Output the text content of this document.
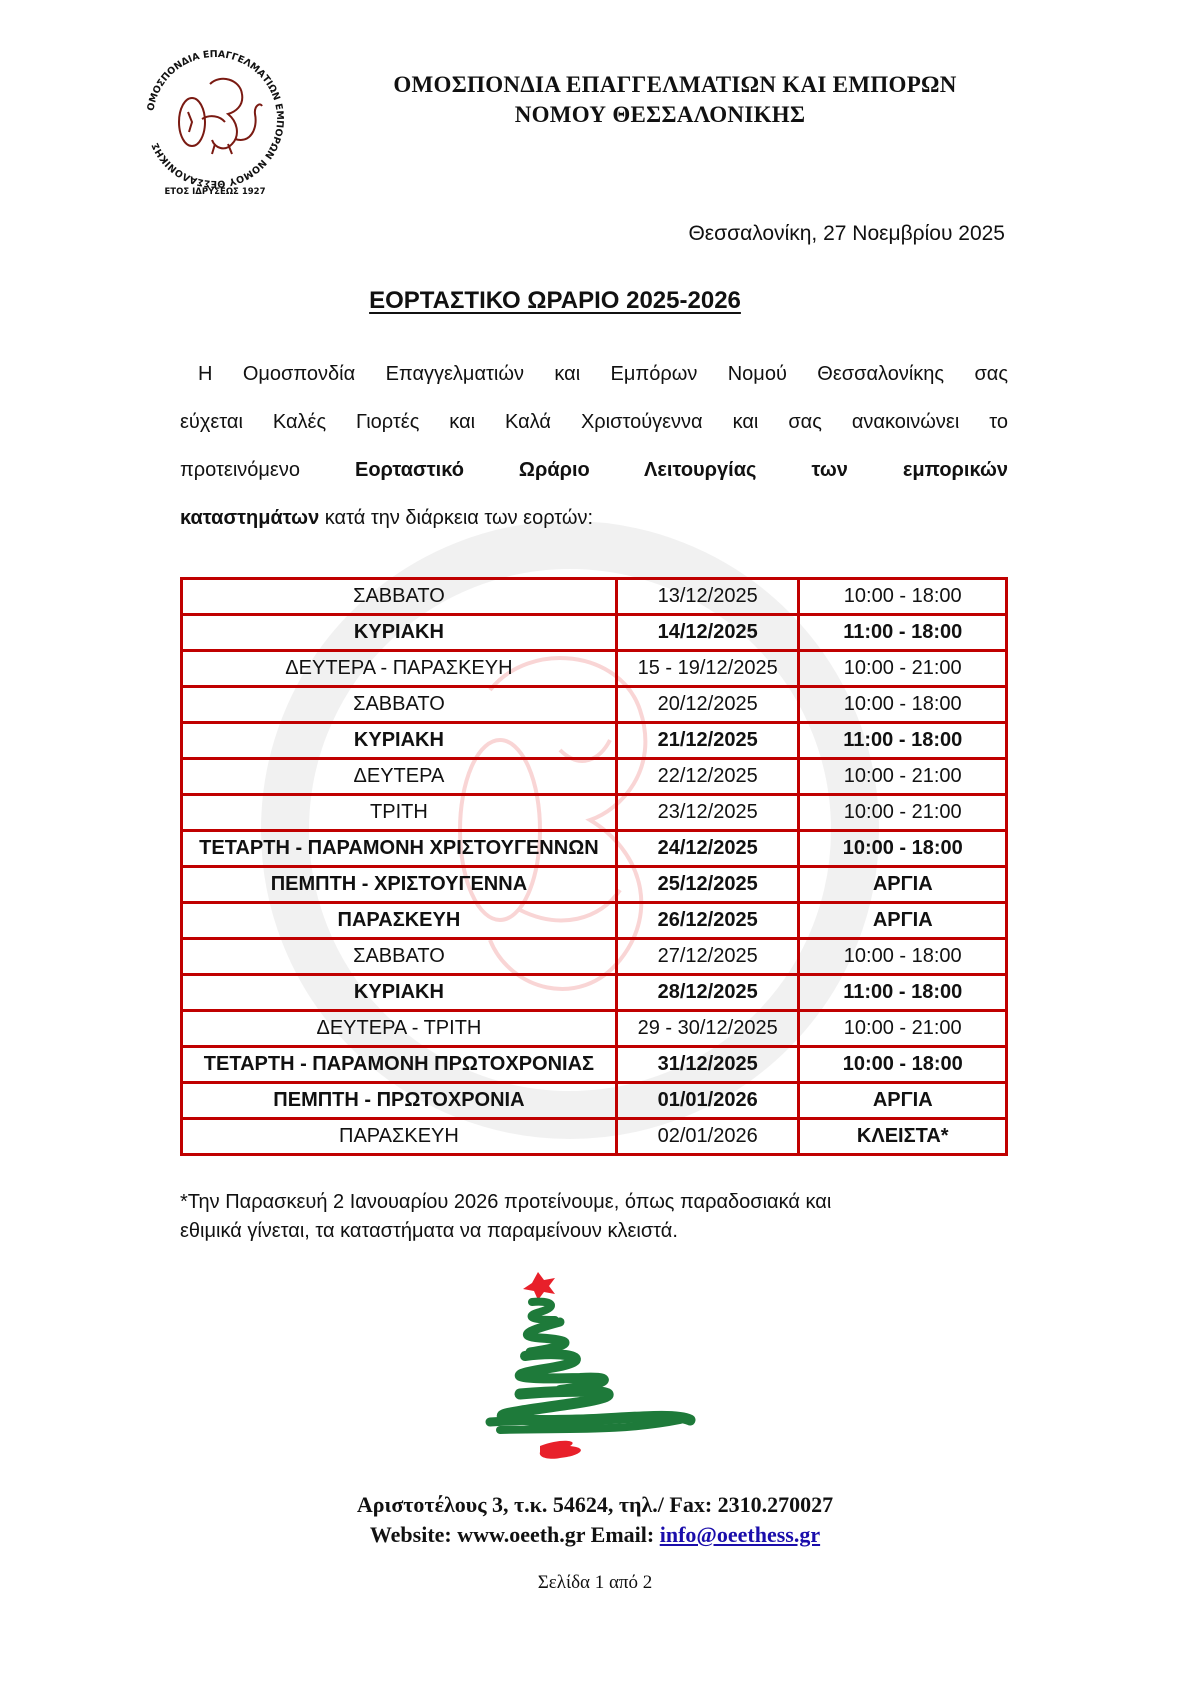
ΟΜΟΣΠΟΝΔΙΑ ΕΠΑΓΓΕΛΜΑΤΙΩΝ ΕΜΠΟΡΩΝ ΝΟΜΟΥ ΘΕΣΣΑΛΟΝΙΚΗΣ
ΕΤΟΣ ΙΔΡΥΣΕΩΣ 1927
ΟΜΟΣΠΟΝΔΙΑ ΕΠΑΓΓΕΛΜΑΤΙΩΝ ΚΑΙ ΕΜΠΟΡΩΝ
ΝΟΜΟΥ ΘΕΣΣΑΛΟΝΙΚΗΣ
Θεσσαλονίκη, 27 Νοεμβρίου 2025
ΕΟΡΤΑΣΤΙΚΟ ΩΡΑΡΙΟ 2025-2026
Η Ομοσπονδία Επαγγελματιών και Εμπόρων Νομού Θεσσαλονίκης σας
εύχεται Καλές Γιορτές και Καλά Χριστούγεννα και σας ανακοινώνει το
προτεινόμενο	Εορταστικό Ωράριο Λειτουργίας των εμπορικών
καταστημάτων κατά την διάρκεια των εορτών:
ΣΑΒΒΑΤΟ	13/12/2025	10:00 - 18:00
ΚΥΡΙΑΚΗ	14/12/2025	11:00 - 18:00
ΔΕΥΤΕΡΑ - ΠΑΡΑΣΚΕΥΗ	15 - 19/12/2025	10:00 - 21:00
ΣΑΒΒΑΤΟ	20/12/2025	10:00 - 18:00
ΚΥΡΙΑΚΗ	21/12/2025	11:00 - 18:00
ΔΕΥΤΕΡΑ	22/12/2025	10:00 - 21:00
ΤΡΙΤΗ	23/12/2025	10:00 - 21:00
ΤΕΤΑΡΤΗ - ΠΑΡΑΜΟΝΗ ΧΡΙΣΤΟΥΓΕΝΝΩΝ	24/12/2025	10:00 - 18:00
ΠΕΜΠΤΗ - ΧΡΙΣΤΟΥΓΕΝΝΑ	25/12/2025	ΑΡΓΙΑ
ΠΑΡΑΣΚΕΥΗ	26/12/2025	ΑΡΓΙΑ
ΣΑΒΒΑΤΟ	27/12/2025	10:00 - 18:00
ΚΥΡΙΑΚΗ	28/12/2025	11:00 - 18:00
ΔΕΥΤΕΡΑ - ΤΡΙΤΗ	29 - 30/12/2025	10:00 - 21:00
ΤΕΤΑΡΤΗ - ΠΑΡΑΜΟΝΗ ΠΡΩΤΟΧΡΟΝΙΑΣ	31/12/2025	10:00 - 18:00
ΠΕΜΠΤΗ - ΠΡΩΤΟΧΡΟΝΙΑ	01/01/2026	ΑΡΓΙΑ
ΠΑΡΑΣΚΕΥΗ	02/01/2026	ΚΛΕΙΣΤΑ*
*Την Παρασκευή 2 Ιανουαρίου 2026 προτείνουμε, όπως παραδοσιακά και
εθιμικά γίνεται, τα καταστήματα να παραμείνουν κλειστά.
Αριστοτέλους 3, τ.κ. 54624, τηλ./ Fax: 2310.270027
Website: www.oeeth.gr Email: info@oeethess.gr
Σελίδα 1 από 2
